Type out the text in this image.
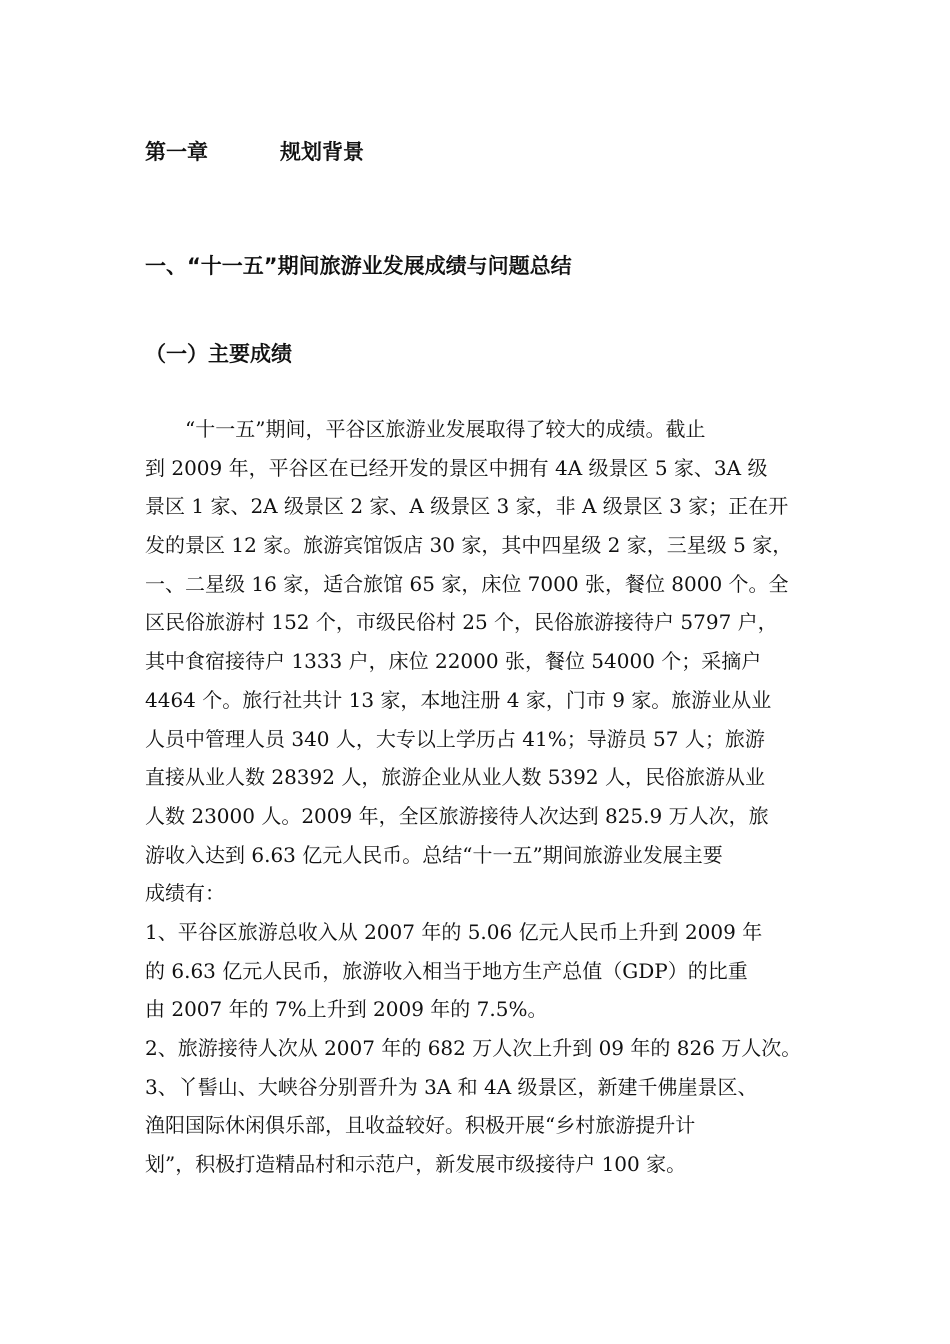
第一章	规划背景
一、“十一五”期间旅游业发展成绩与问题总结
（一）主要成绩
　　“十一五”期间，平谷区旅游业发展取得了较大的成绩。截止
到 2009 年，平谷区在已经开发的景区中拥有 4A 级景区 5 家、3A 级
景区 1 家、2A 级景区 2 家、A 级景区 3 家，非 A 级景区 3 家；正在开
发的景区 12 家。旅游宾馆饭店 30 家，其中四星级 2 家，三星级 5 家，
一、二星级 16 家，适合旅馆 65 家，床位 7000 张，餐位 8000 个。全
区民俗旅游村 152 个，市级民俗村 25 个，民俗旅游接待户 5797 户，
其中食宿接待户 1333 户，床位 22000 张，餐位 54000 个；采摘户
4464 个。旅行社共计 13 家，本地注册 4 家，门市 9 家。旅游业从业
人员中管理人员 340 人，大专以上学历占 41%；导游员 57 人；旅游
直接从业人数 28392 人，旅游企业从业人数 5392 人，民俗旅游从业
人数 23000 人。2009 年，全区旅游接待人次达到 825.9 万人次，旅
游收入达到 6.63 亿元人民币。总结“十一五”期间旅游业发展主要
成绩有：
1、平谷区旅游总收入从 2007 年的 5.06 亿元人民币上升到 2009 年
的 6.63 亿元人民币，旅游收入相当于地方生产总值（GDP）的比重
由 2007 年的 7%上升到 2009 年的 7.5%。
2、旅游接待人次从 2007 年的 682 万人次上升到 09 年的 826 万人次。
3、丫髻山、大峡谷分别晋升为 3A 和 4A 级景区，新建千佛崖景区、
渔阳国际休闲俱乐部，且收益较好。积极开展“乡村旅游提升计
划”，积极打造精品村和示范户，新发展市级接待户 100 家。
